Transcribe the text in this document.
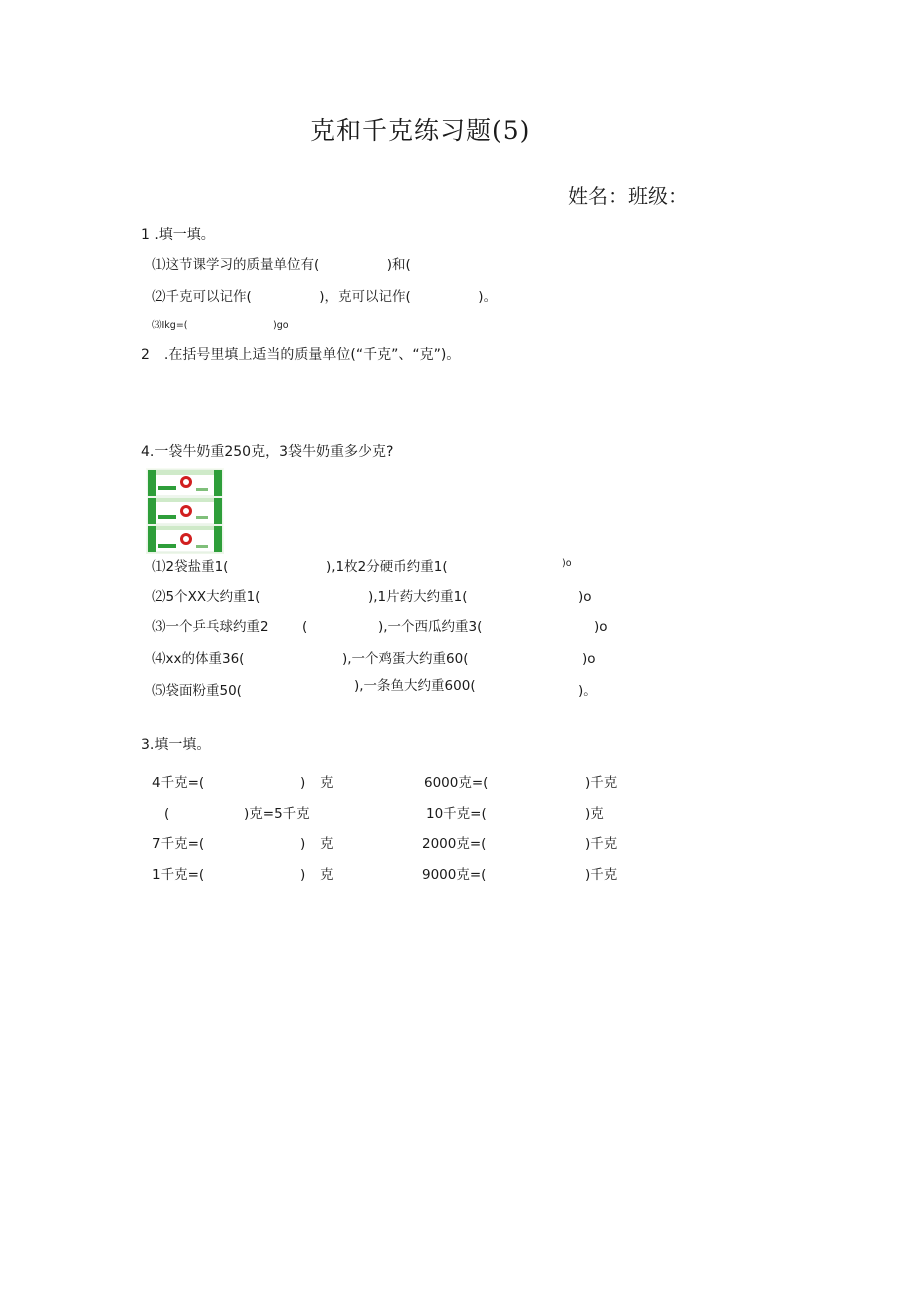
克和千克练习题(5)
姓名：班级：
1 .填一填。
⑴这节课学习的质量单位有(　　　　　)和(
⑵千克可以记作(　　　　　)，克可以记作(　　　　　)。
⑶Ikg=(　　　　　　　　　)go
2　.在括号里填上适当的质量单位(“千克”、“克”)。
4.一袋牛奶重250克，3袋牛奶重多少克?
⑴2袋盐重1(	),1枚2分硬币约重1(	)o
⑵5个XX大约重1(	),1片药大约重1(	)o
⑶一个乒乓球约重2 (	),一个西瓜约重3(	)o
⑷xx的体重36(	),一个鸡蛋大约重60(	)o
⑸袋面粉重50(	),一条鱼大约重600(	)。
3.填一填。
4千克=(	) 克	6000克=(	)千克
(	)克=5千克	10千克=(	)克
7千克=(	) 克	2000克=(	)千克
1千克=(	) 克	9000克=(	)千克
